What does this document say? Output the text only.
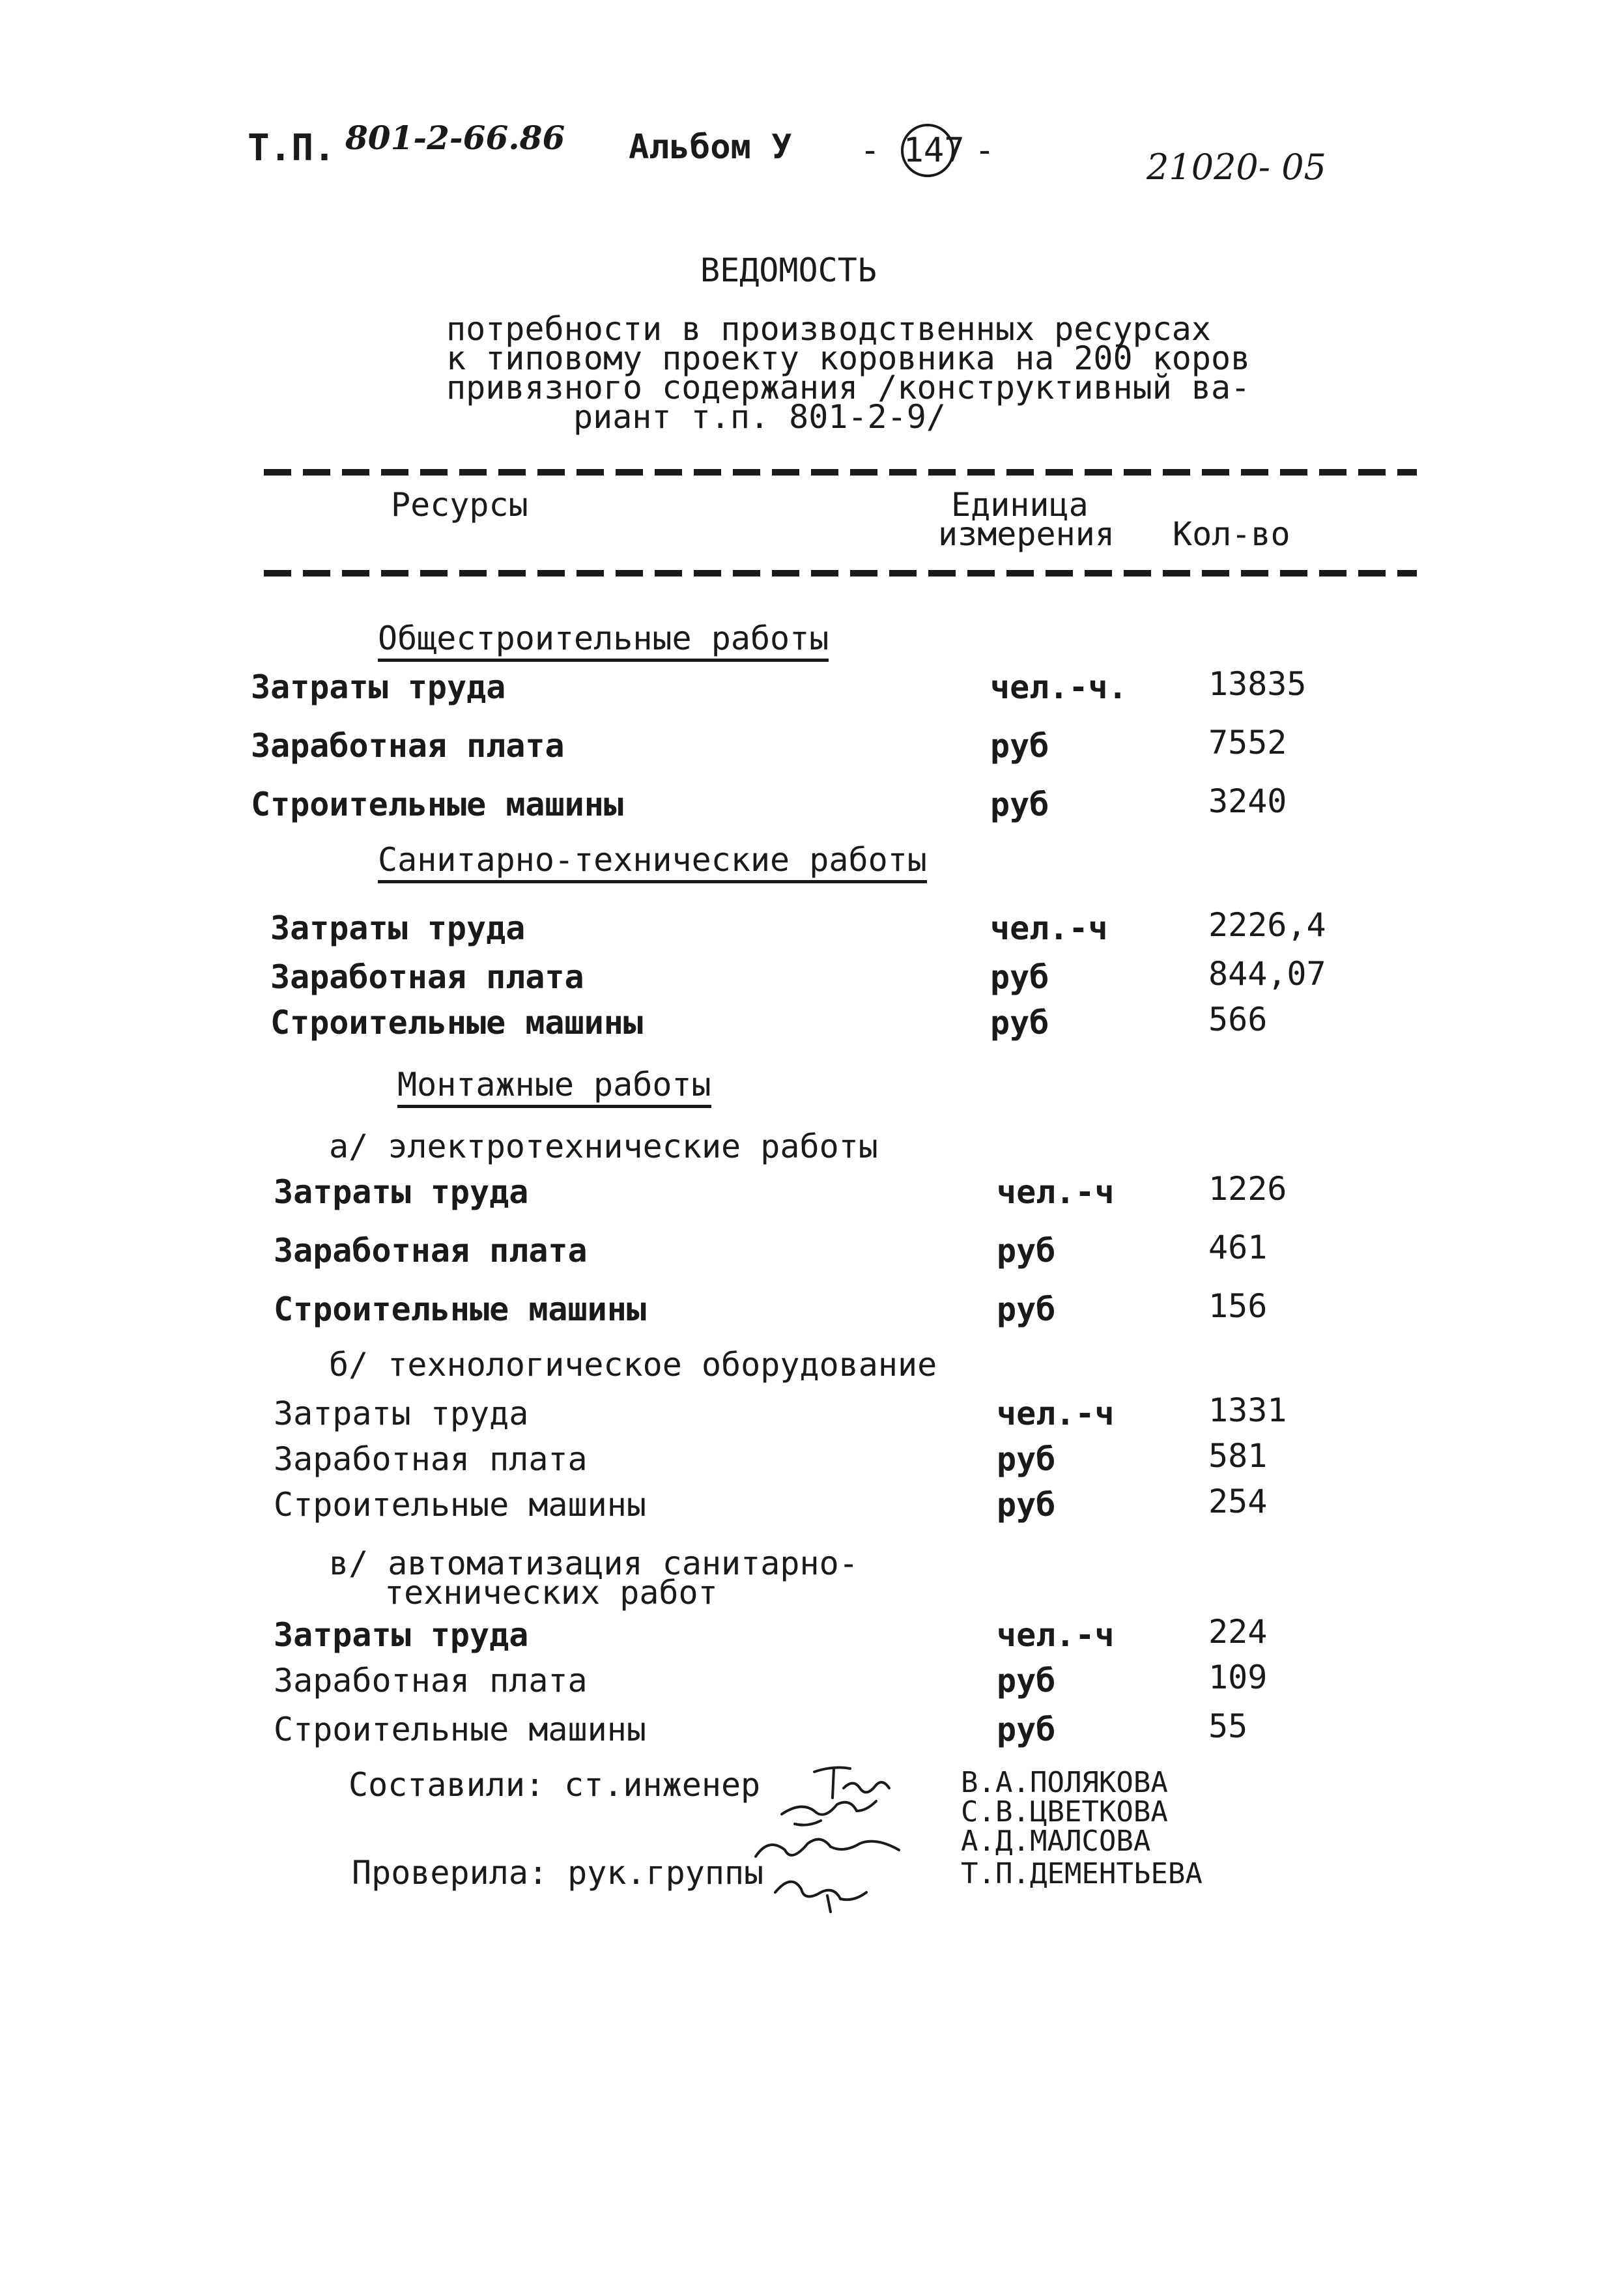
Т.П. 801-2-66.86 Альбом У - 147 -	21020- 05
ВЕДОМОСТЬ
потребности в производственных ресурсах
к типовому проекту коровника на 200 коров
привязного содержания /конструктивный ва-
риант т.п. 801-2-9/
Ресурсы	Единица
измерения Кол-во
Общестроительные работы
Затраты труда	чел.-ч. 13835
Заработная плата	руб	7552
Строительные машины	руб	3240
Санитарно-технические работы
Затраты труда	чел.-ч	2226,4
Заработная плата	руб	844,07
Строительные машины	руб	566
Монтажные работы
а/ электротехнические работы
Затраты труда	чел.-ч	1226
Заработная плата	руб	461
Строительные машины	руб	156
б/ технологическое оборудование
Затраты труда	чел.-ч	1331
Заработная плата	руб	581
Строительные машины	руб	254
в/ автоматизация санитарно-
технических работ
Затраты труда	чел.-ч	224
Заработная плата	руб	109
Строительные машины	руб	55
Составили: ст.инженер	В.А.ПОЛЯКОВА
С.В.ЦВЕТКОВА
А.Д.МАЛСОВА
Проверила: рук.группы	Т.П.ДЕМЕНТЬЕВА
